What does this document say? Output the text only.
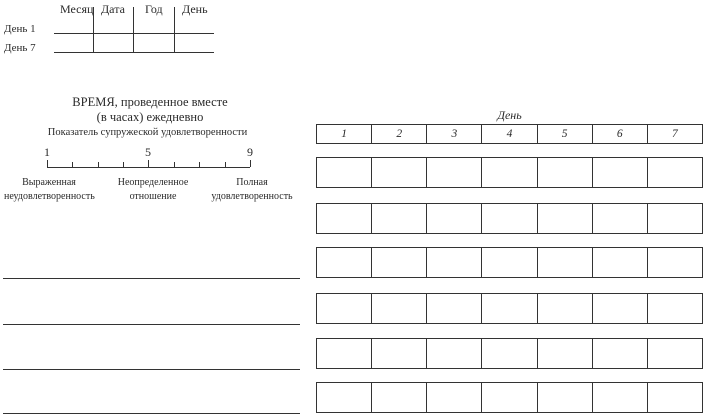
Месяц Дата Год День
День 1
День 7
ВРЕМЯ, проведенное вместе
(в часах) ежедневно
Показатель супружеской удовлетворенности
1	5	9
Выраженная
неудовлетворенность
Неопределенное
отношение
Полная
удовлетворенность
День
1	2	3	4	5	6	7
